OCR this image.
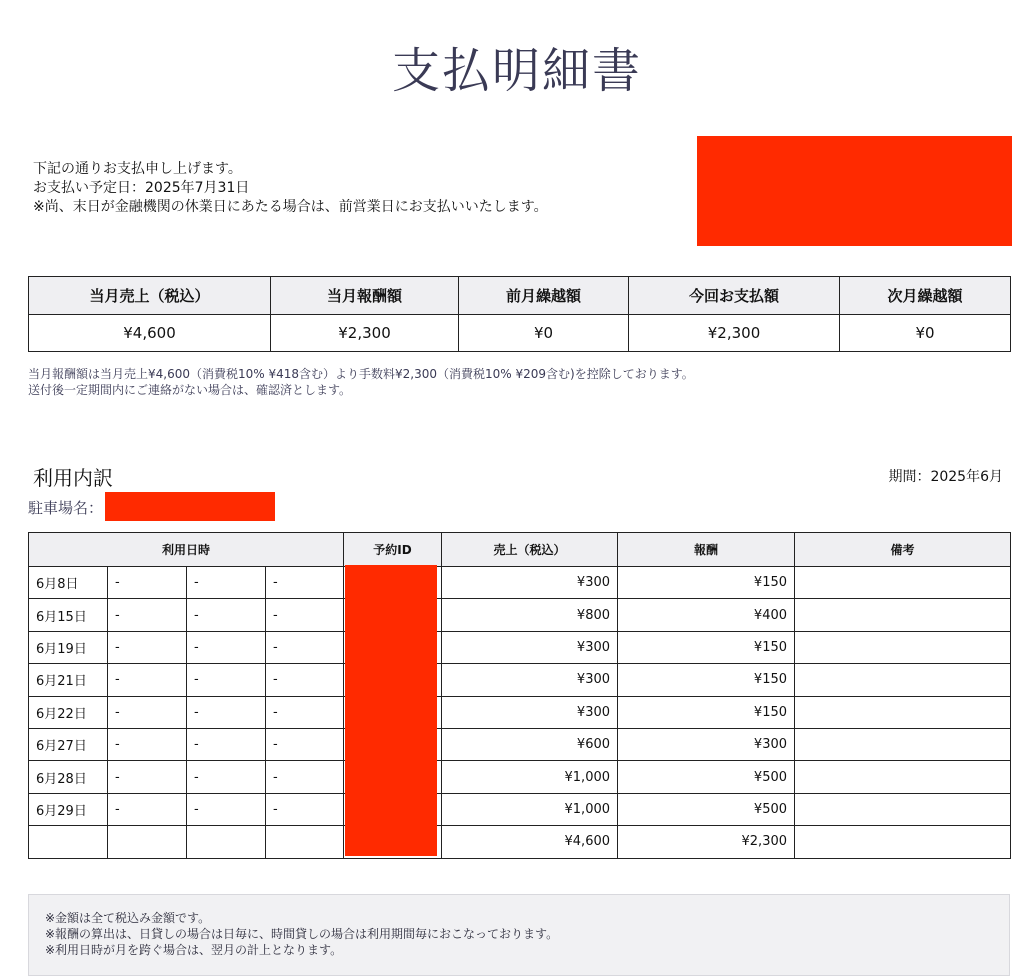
支払明細書
下記の通りお支払申し上げます。
お支払い予定日：2025年7月31日
※尚、末日が金融機関の休業日にあたる場合は、前営業日にお支払いいたします。
当月売上（税込）	当月報酬額	前月繰越額	今回お支払額	次月繰越額
¥4,600	¥2,300	¥0	¥2,300	¥0
当月報酬額は当月売上¥4,600（消費税10% ¥418含む）より手数料¥2,300（消費税10% ¥209含む)を控除しております。
送付後一定期間内にご連絡がない場合は、確認済とします。
利用内訳	期間：2025年6月
駐車場名：
利用日時				予約ID	売上（税込）	報酬	備考
6月8日	-	-	-		¥300	¥150	
6月15日	-	-	-		¥800	¥400	
6月19日	-	-	-		¥300	¥150	
6月21日	-	-	-		¥300	¥150	
6月22日	-	-	-		¥300	¥150	
6月27日	-	-	-		¥600	¥300	
6月28日	-	-	-		¥1,000	¥500	
6月29日	-	-	-		¥1,000	¥500	
					¥4,600	¥2,300	
※金額は全て税込み金額です。
※報酬の算出は、日貸しの場合は日毎に、時間貸しの場合は利用期間毎におこなっております。
※利用日時が月を跨ぐ場合は、翌月の計上となります。
